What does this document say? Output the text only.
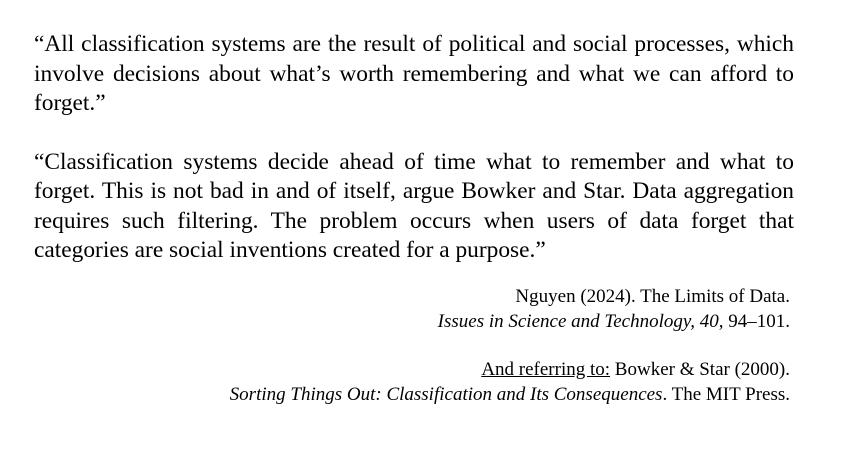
“All classification systems are the result of political and social processes, which involve decisions about what’s worth remembering and what we can afford to forget.”

“Classification systems decide ahead of time what to remember and what to forget. This is not bad in and of itself, argue Bowker and Star. Data aggregation requires such filtering. The problem occurs when users of data forget that categories are social inventions created for a purpose.”

Nguyen (2024). The Limits of Data.
Issues in Science and Technology, 40, 94–101.
And referring to: Bowker & Star (2000).
Sorting Things Out: Classification and Its Consequences. The MIT Press.
